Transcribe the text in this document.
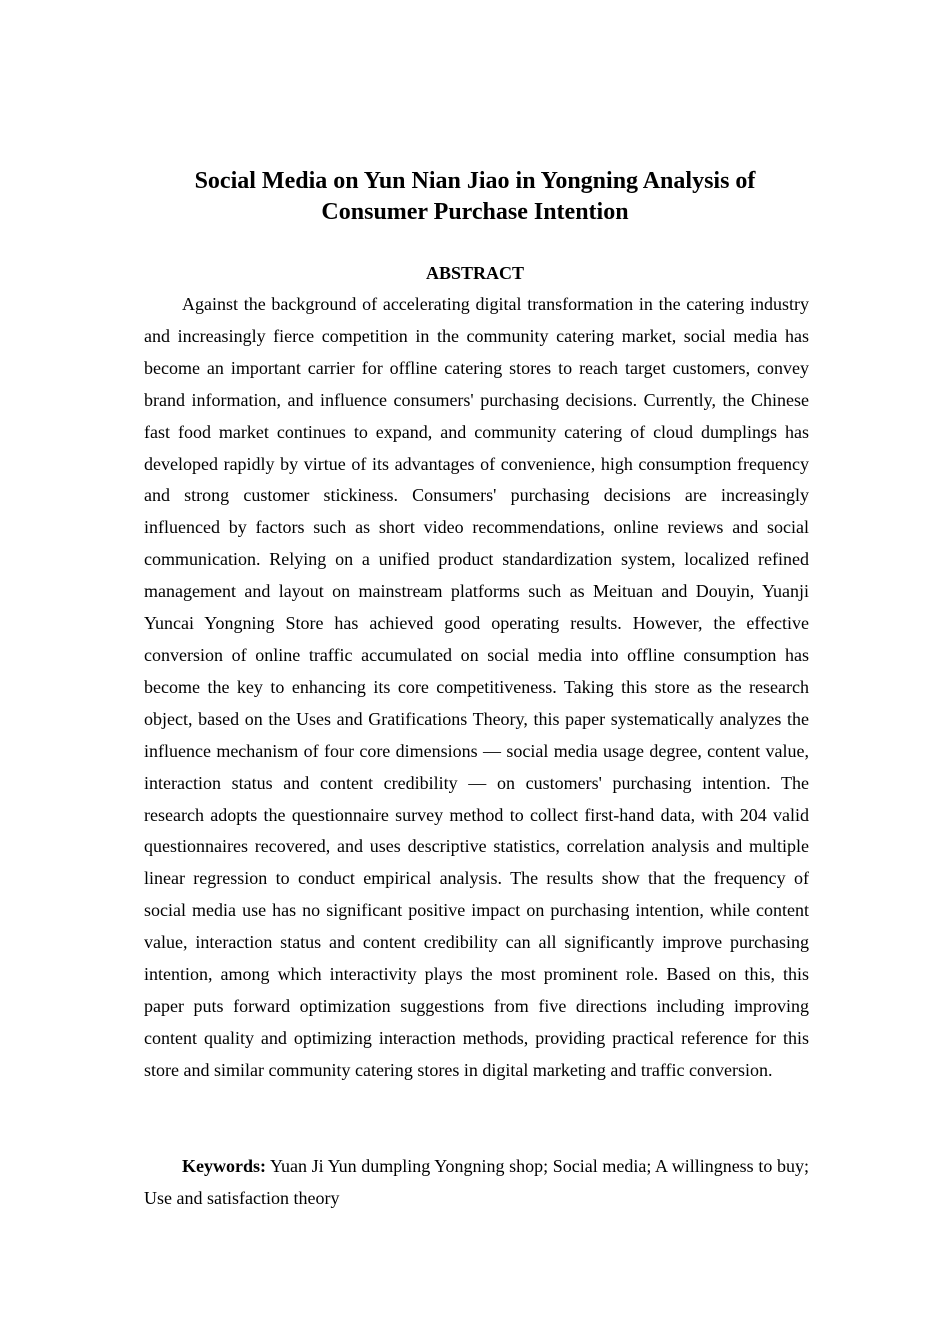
Social Media on Yun Nian Jiao in Yongning Analysis of Consumer Purchase Intention
ABSTRACT

Against the background of accelerating digital transformation in the catering industry and increasingly fierce competition in the community catering market, social media has become an important carrier for offline catering stores to reach target customers, convey brand information, and influence consumers' purchasing decisions. Currently, the Chinese fast food market continues to expand, and community catering of cloud dumplings has developed rapidly by virtue of its advantages of convenience, high consumption frequency and strong customer stickiness. Consumers' purchasing decisions are increasingly influenced by factors such as short video recommendations, online reviews and social communication. Relying on a unified product standardization system, localized refined management and layout on mainstream platforms such as Meituan and Douyin, Yuanji Yuncai Yongning Store has achieved good operating results. However, the effective conversion of online traffic accumulated on social media into offline consumption has become the key to enhancing its core competitiveness. Taking this store as the research object, based on the Uses and Gratifications Theory, this paper systematically analyzes the influence mechanism of four core dimensions — social media usage degree, content value, interaction status and content credibility — on customers' purchasing intention. The research adopts the questionnaire survey method to collect first-hand data, with 204 valid questionnaires recovered, and uses descriptive statistics, correlation analysis and multiple linear regression to conduct empirical analysis. The results show that the frequency of social media use has no significant positive impact on purchasing intention, while content value, interaction status and content credibility can all significantly improve purchasing intention, among which interactivity plays the most prominent role. Based on this, this paper puts forward optimization suggestions from five directions including improving content quality and optimizing interaction methods, providing practical reference for this store and similar community catering stores in digital marketing and traffic conversion.

Keywords: Yuan Ji Yun dumpling Yongning shop; Social media; A willingness to buy; Use and satisfaction theory
